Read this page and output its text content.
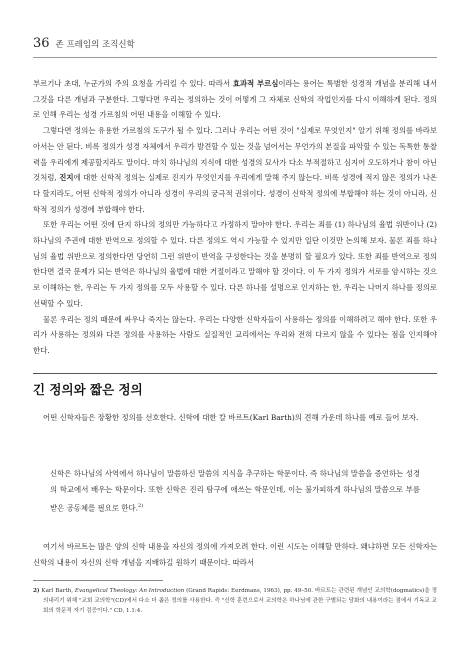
36 존 프레임의 조직신학

부르기나 초대, 누군가의 주의 요청을 가리킬 수 있다. 따라서 효과적 부르심이라는 용어는 특별한 성경적 개념을 분리해 내서 그것을 다른 개념과 구분한다. 그렇다면 우리는 정의하는 것이 어떻게 그 자체로 신학의 작업인지를 다시 이해하게 된다. 정의로 인해 우리는 성경 가르침의 어떤 내용을 이해할 수 있다.

그렇다면 정의는 유용한 가르침의 도구가 될 수 있다. 그러나 우리는 어떤 것이 "실제로 무엇인지" 알기 위해 정의를 바라보아서는 안 된다. 비록 정의가 성경 자체에서 우리가 발견할 수 있는 것을 넘어서는 무언가의 본질을 파악할 수 있는 독특한 통찰력을 우리에게 제공할지라도 말이다. 마치 하나님의 지식에 대한 성경의 묘사가 다소 부적절하고 심지어 오도하거나 참이 아닌 것처럼, 진지에 대한 신학적 정의는 실제로 진지가 무엇인지를 우리에게 말해 주지 않는다. 비록 성경에 적지 않은 정의가 나온다 할지라도, 어떤 신학적 정의가 아니라 성경이 우리의 궁극적 권위이다. 성경이 신학적 정의에 부합해야 하는 것이 아니라, 신학적 정의가 성경에 부합해야 한다.

또한 우리는 어떤 것에 단지 하나의 정의만 가능하다고 가정하지 말아야 한다. 우리는 죄를 (1) 하나님의 율법 위반이나 (2) 하나님의 주권에 대한 반역으로 정의할 수 있다. 다른 정의도 역시 가능할 수 있지만 일단 이것만 논의해 보자. 물론 죄를 하나님의 율법 위반으로 정의한다면 당연히 그런 위반이 반역을 구성한다는 것을 분명히 할 필요가 있다. 또한 죄를 반역으로 정의한다면 결국 문제가 되는 반역은 하나님의 율법에 대한 거절이라고 말해야 할 것이다. 이 두 가지 정의가 서로를 암시하는 것으로 이해하는 한, 우리는 두 가지 정의를 모두 사용할 수 있다. 다른 하나를 설명으로 인지하는 한, 우리는 나머지 하나를 정의로 선택할 수 있다.

물론 우리는 정의 때문에 싸우나 죽지는 않는다. 우리는 다양한 신학자들이 사용하는 정의를 이해하려고 해야 한다. 또한 우리가 사용하는 정의와 다른 정의를 사용하는 사람도 실질적인 교리에서는 우리와 전혀 다르지 않을 수 있다는 점을 인지해야 한다.

긴 정의와 짧은 정의

어떤 신학자들은 장황한 정의를 선호한다. 신학에 대한 칼 바르트(Karl Barth)의 견해 가운데 하나를 예로 들어 보자.

신학은 하나님의 사역에서 하나님이 말씀하신 말씀의 지식을 추구하는 학문이다. 즉 하나님의 말씀을 증언하는 성경의 학교에서 배우는 학문이다. 또한 신학은 진리 탐구에 애쓰는 학문인데, 이는 불가피하게 하나님의 말씀으로 부름 받은 공동체를 필요로 한다.$^{2)}$

여기서 바르트는 많은 양의 신학 내용을 자신의 정의에 가져오려 한다. 이런 시도는 이해할 만하다. 왜냐하면 모든 신학자는 신학의 내용이 자신의 신학 개념을 지배하길 원하기 때문이다. 따라서

2) Karl Barth, Evangelical Theology: An Introduction (Grand Rapids: Eerdmans, 1963), pp. 49–50. 바르트는 관련된 개념인 교의학(dogmatics)을 정의내리기 위해 "교회 교의학"(CD)에서 다소 더 좁은 정의를 사용한다. 즉 "신학 훈련으로서 교의학은 하나님에 관한 구별되는 담화의 내용이라는 점에서 기독교 교회의 학문적 자기 검증이다." CD, 1.1:4.
